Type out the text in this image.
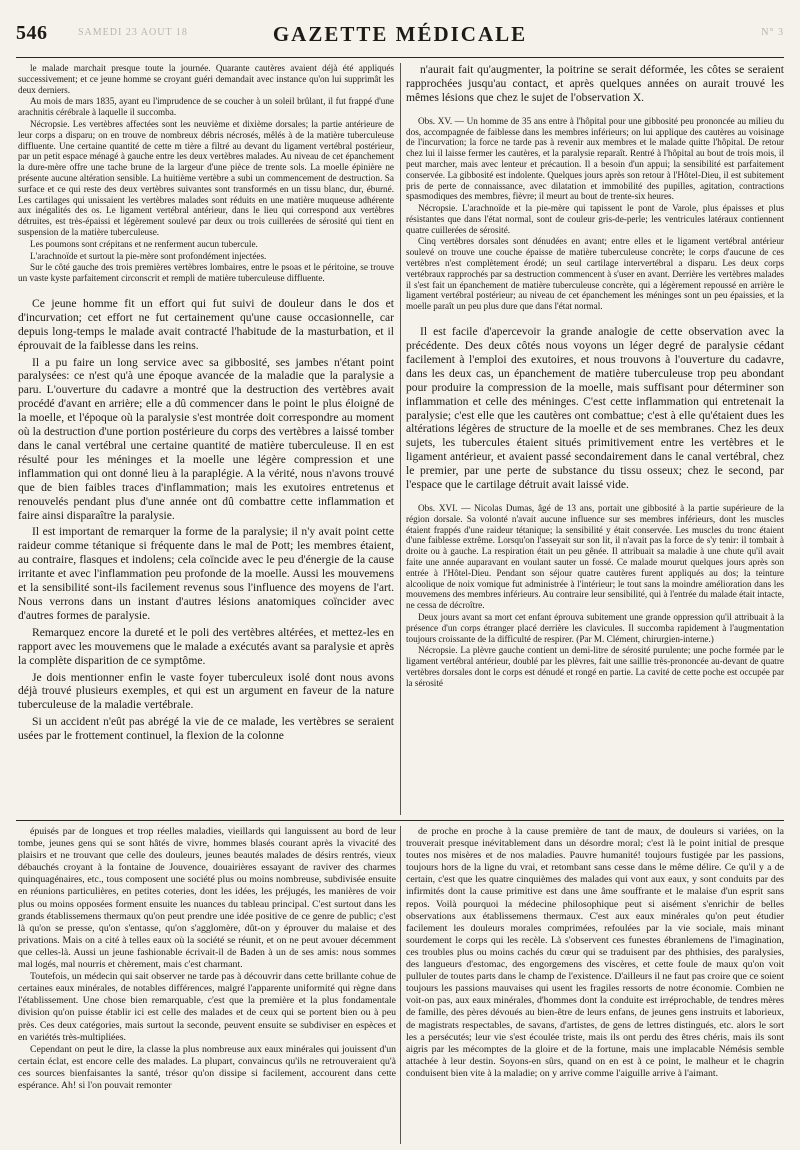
546	SAMEDI 23 AOUT 18	GAZETTE MÉDICALE	N° 3

le malade marchait presque toute la journée. Quarante cautères avaient déjà été appliqués successivement; et ce jeune homme se croyant guéri demandait avec instance qu'on lui supprimât les deux derniers.

Au mois de mars 1835, ayant eu l'imprudence de se coucher à un soleil brûlant, il fut frappé d'une arachnitis cérébrale à laquelle il succomba.

Nécropsie. Les vertèbres affectées sont les neuvième et dixième dorsales; la partie antérieure de leur corps a disparu; on en trouve de nombreux débris nécrosés, mêlés à de la matière tuberculeuse diffluente. Une certaine quantité de cette m tière a filtré au devant du ligament vertébral postérieur, par un petit espace ménagé à gauche entre les deux vertèbres malades. Au niveau de cet épanchement la dure-mère offre une tache brune de la largeur d'une pièce de trente sols. La moelle épinière ne présente aucune altération sensible. La huitième vertèbre a subi un commencement de destruction. Sa surface et ce qui reste des deux vertèbres suivantes sont transformés en un tissu blanc, dur, éburné. Les cartilages qui unissaient les vertèbres malades sont réduits en une matière muqueuse adhérente aux inégalités des os. Le ligament vertébral antérieur, dans le lieu qui correspond aux vertèbres détruites, est très-épaissi et légèrement soulevé par deux ou trois cuillerées de sérosité qui tient en suspension de la matière tuberculeuse.

Les poumons sont crépitans et ne renferment aucun tubercule.

L'arachnoïde et surtout la pie-mère sont profondément injectées.

Sur le côté gauche des trois premières vertèbres lombaires, entre le psoas et le péritoine, se trouve un vaste kyste parfaitement circonscrit et rempli de matière tuberculeuse diffluente.

Ce jeune homme fit un effort qui fut suivi de douleur dans le dos et d'incurvation; cet effort ne fut certainement qu'une cause occasionnelle, car depuis long-temps le malade avait contracté l'habitude de la masturbation, et il éprouvait de la faiblesse dans les reins.

Il a pu faire un long service avec sa gibbosité, ses jambes n'étant point paralysées: ce n'est qu'à une époque avancée de la maladie que la paralysie a paru. L'ouverture du cadavre a montré que la destruction des vertèbres avait procédé d'avant en arrière; elle a dû commencer dans le point le plus éloigné de la moelle, et l'époque où la paralysie s'est montrée doit correspondre au moment où la destruction d'une portion postérieure du corps des vertèbres a laissé tomber dans le canal vertébral une certaine quantité de matière tuberculeuse. Il en est résulté pour les méninges et la moelle une légère compression et une inflammation qui ont donné lieu à la paraplégie. A la vérité, nous n'avons trouvé que de bien faibles traces d'inflammation; mais les exutoires entretenus et renouvelés pendant plus d'une année ont dû combattre cette inflammation et faire ainsi disparaître la paralysie.

Il est important de remarquer la forme de la paralysie; il n'y avait point cette raideur comme tétanique si fréquente dans le mal de Pott; les membres étaient, au contraire, flasques et indolens; cela coïncide avec le peu d'énergie de la cause irritante et avec l'inflammation peu profonde de la moelle. Aussi les mouvemens et la sensibilité sont-ils facilement revenus sous l'influence des moyens de l'art. Nous verrons dans un instant d'autres lésions anatomiques coïncider avec d'autres formes de paralysie.

Remarquez encore la dureté et le poli des vertèbres altérées, et mettez-les en rapport avec les mouvemens que le malade a exécutés avant sa paralysie et après la complète disparition de ce symptôme.

Je dois mentionner enfin le vaste foyer tuberculeux isolé dont nous avons déjà trouvé plusieurs exemples, et qui est un argument en faveur de la nature tuberculeuse de la maladie vertébrale.

Si un accident n'eût pas abrégé la vie de ce malade, les vertèbres se seraient usées par le frottement continuel, la flexion de la colonne

n'aurait fait qu'augmenter, la poitrine se serait déformée, les côtes se seraient rapprochées jusqu'au contact, et après quelques années on aurait trouvé les mêmes lésions que chez le sujet de l'observation X.

Obs. XV. — Un homme de 35 ans entre à l'hôpital pour une gibbosité peu prononcée au milieu du dos, accompagnée de faiblesse dans les membres inférieurs; on lui applique des cautères au voisinage de l'incurvation; la force ne tarde pas à revenir aux membres et le malade quitte l'hôpital. De retour chez lui il laisse fermer les cautères, et la paralysie reparaît. Rentré à l'hôpital au bout de trois mois, il peut marcher, mais avec lenteur et précaution. Il a besoin d'un appui; la sensibilité est parfaitement conservée. La gibbosité est indolente. Quelques jours après son retour à l'Hôtel-Dieu, il est subitement pris de perte de connaissance, avec dilatation et immobilité des pupilles, agitation, contractions spasmodiques des membres, fièvre; il meurt au bout de trente-six heures.

Nécropsie. L'arachnoïde et la pie-mère qui tapissent le pont de Varole, plus épaisses et plus résistantes que dans l'état normal, sont de couleur gris-de-perle; les ventricules latéraux contiennent quatre cuillerées de sérosité.

Cinq vertèbres dorsales sont dénudées en avant; entre elles et le ligament vertébral antérieur soulevé on trouve une couche épaisse de matière tuberculeuse concrète; le corps d'aucune de ces vertèbres n'est complètement érodé; un seul cartilage intervertébral a disparu. Les deux corps vertébraux rapprochés par sa destruction commencent à s'user en avant. Derrière les vertèbres malades il s'est fait un épanchement de matière tuberculeuse concrète, qui a légèrement repoussé en arrière le ligament vertébral postérieur; au niveau de cet épanchement les méninges sont un peu épaissies, et la moelle paraît un peu plus dure que dans l'état normal.

Il est facile d'apercevoir la grande analogie de cette observation avec la précédente. Des deux côtés nous voyons un léger degré de paralysie cédant facilement à l'emploi des exutoires, et nous trouvons à l'ouverture du cadavre, dans les deux cas, un épanchement de matière tuberculeuse trop peu abondant pour produire la compression de la moelle, mais suffisant pour déterminer son inflammation et celle des méninges. C'est cette inflammation qui entretenait la paralysie; c'est elle que les cautères ont combattue; c'est à elle qu'étaient dues les altérations légères de structure de la moelle et de ses membranes. Chez les deux sujets, les tubercules étaient situés primitivement entre les vertèbres et le ligament antérieur, et avaient passé secondairement dans le canal vertébral, chez le premier, par une perte de substance du tissu osseux; chez le second, par l'espace que le cartilage détruit avait laissé vide.

Obs. XVI. — Nicolas Dumas, âgé de 13 ans, portait une gibbosité à la partie supérieure de la région dorsale. Sa volonté n'avait aucune influence sur ses membres inférieurs, dont les muscles étaient frappés d'une raideur tétanique; la sensibilité y était conservée. Les muscles du tronc étaient d'une faiblesse extrême. Lorsqu'on l'asseyait sur son lit, il n'avait pas la force de s'y tenir: il tombait à droite ou à gauche. La respiration était un peu gênée. Il attribuait sa maladie à une chute qu'il avait faite une année auparavant en voulant sauter un fossé. Ce malade mourut quelques jours après son entrée à l'Hôtel-Dieu. Pendant son séjour quatre cautères furent appliqués au dos; la teinture alcoolique de noix vomique fut administrée à l'intérieur; le tout sans la moindre amélioration dans les mouvemens des membres inférieurs. Au contraire leur sensibilité, qui à l'entrée du malade était intacte, ne cessa de décroître.

Deux jours avant sa mort cet enfant éprouva subitement une grande oppression qu'il attribuait à la présence d'un corps étranger placé derrière les clavicules. Il succomba rapidement à l'augmentation toujours croissante de la difficulté de respirer. (Par M. Clément, chirurgien-interne.)

Nécropsie. La plèvre gauche contient un demi-litre de sérosité purulente; une poche formée par le ligament vertébral antérieur, doublé par les plèvres, fait une saillie très-prononcée au-devant de quatre vertèbres dorsales dont le corps est dénudé et rongé en partie. La cavité de cette poche est occupée par la sérosité

épuisés par de longues et trop réelles maladies, vieillards qui languissent au bord de leur tombe, jeunes gens qui se sont hâtés de vivre, hommes blasés courant après la vivacité des plaisirs et ne trouvant que celle des douleurs, jeunes beautés malades de désirs rentrés, vieux débauchés croyant à la fontaine de Jouvence, douairières essayant de raviver des charmes quinquagénaires, etc., tous composent une société plus ou moins nombreuse, subdivisée ensuite en réunions particulières, en petites coteries, dont les idées, les préjugés, les manières de voir plus ou moins opposées forment ensuite les nuances du tableau principal. C'est surtout dans les grands établissemens thermaux qu'on peut prendre une idée positive de ce genre de public; c'est là qu'on se presse, qu'on s'entasse, qu'on s'agglomère, dût-on y éprouver du malaise et des privations. Mais on a cité à telles eaux où la société se réunit, et on ne peut avouer décemment que celles-là. Aussi un jeune fashionable écrivait-il de Baden à un de ses amis: nous sommes mal logés, mal nourris et chèrement, mais c'est charmant.

Toutefois, un médecin qui sait observer ne tarde pas à découvrir dans cette brillante cohue de certaines eaux minérales, de notables différences, malgré l'apparente uniformité qui règne dans l'établissement. Une chose bien remarquable, c'est que la première et la plus fondamentale division qu'on puisse établir ici est celle des malades et de ceux qui se portent bien ou à peu près. Ces deux catégories, mais surtout la seconde, peuvent ensuite se subdiviser en espèces et en variétés très-multipliées.

Cependant on peut le dire, la classe la plus nombreuse aux eaux minérales qui jouissent d'un certain éclat, est encore celle des malades. La plupart, convaincus qu'ils ne retrouveraient qu'à ces sources bienfaisantes la santé, trésor qu'on dissipe si facilement, accourent dans cette espérance. Ah! si l'on pouvait remonter

de proche en proche à la cause première de tant de maux, de douleurs si variées, on la trouverait presque inévitablement dans un désordre moral; c'est là le point initial de presque toutes nos misères et de nos maladies. Pauvre humanité! toujours fustigée par les passions, toujours hors de la ligne du vrai, et retombant sans cesse dans le même délire. Ce qu'il y a de certain, c'est que les quatre cinquièmes des malades qui vont aux eaux, y sont conduits par des infirmités dont la cause primitive est dans une âme souffrante et le malaise d'un esprit sans repos. Voilà pourquoi la médecine philosophique peut si aisément s'enrichir de belles observations aux établissemens thermaux. C'est aux eaux minérales qu'on peut étudier facilement les douleurs morales comprimées, refoulées par la vie sociale, mais minant sourdement le corps qui les recèle. Là s'observent ces funestes ébranlemens de l'imagination, ces troubles plus ou moins cachés du cœur qui se traduisent par des phthisies, des paralysies, des langueurs d'estomac, des engorgemens des viscères, et cette foule de maux qu'on voit pulluler de toutes parts dans le champ de l'existence. D'ailleurs il ne faut pas croire que ce soient toujours les passions mauvaises qui usent les fragiles ressorts de notre économie. Combien ne voit-on pas, aux eaux minérales, d'hommes dont la conduite est irréprochable, de tendres mères de famille, des pères dévoués au bien-être de leurs enfans, de jeunes gens instruits et laborieux, de magistrats respectables, de savans, d'artistes, de gens de lettres distingués, etc. alors le sort les a persécutés; leur vie s'est écoulée triste, mais ils ont perdu des êtres chéris, mais ils sont aigris par les mécomptes de la gloire et de la fortune, mais une implacable Némésis semble attachée à leur destin. Soyons-en sûrs, quand on en est à ce point, le malheur et le chagrin conduisent bien vite à la maladie; on y arrive comme l'aiguille arrive à l'aimant.
